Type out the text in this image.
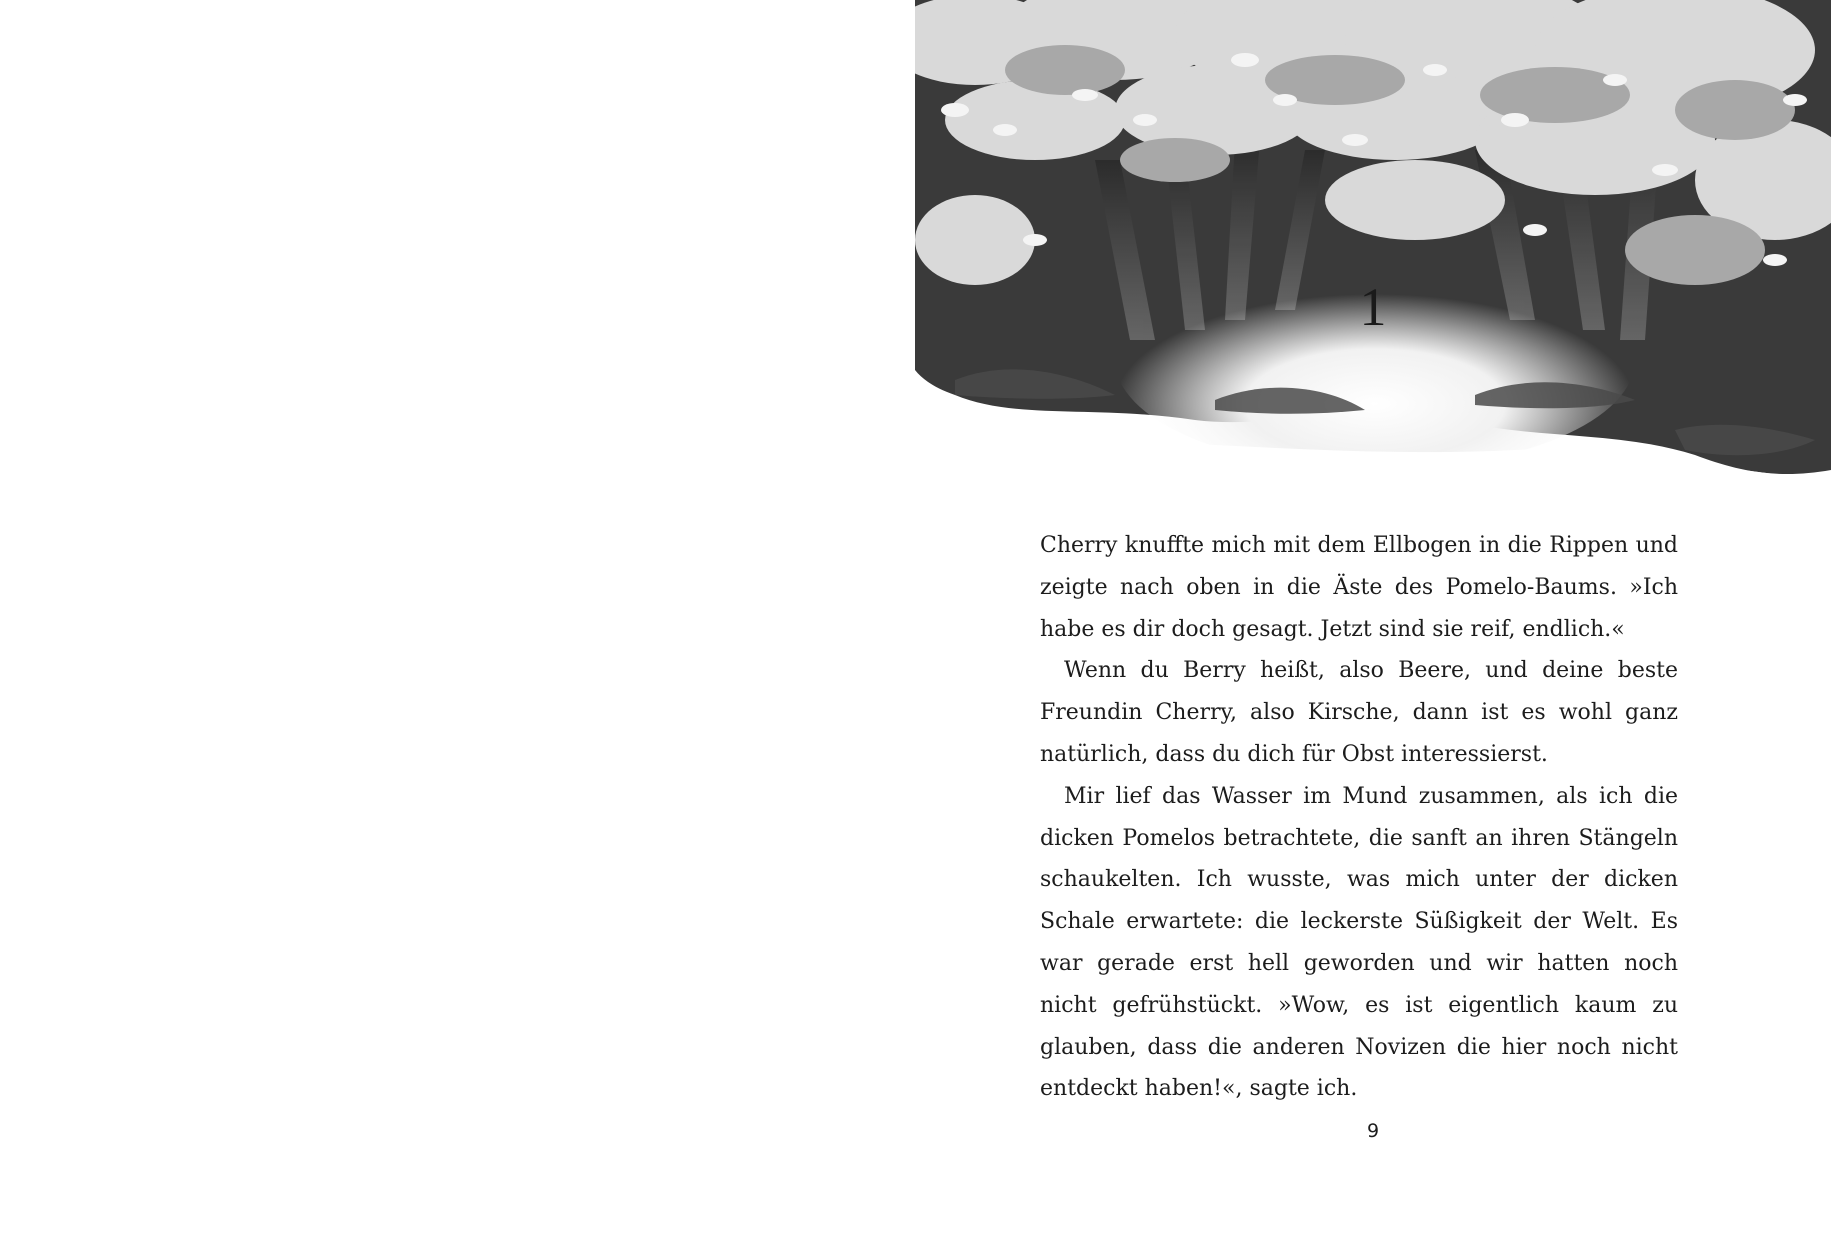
1

Cherry knuffte mich mit dem Ellbogen in die Rippen und zeigte nach oben in die Äste des Pomelo-Baums. »Ich habe es dir doch gesagt. Jetzt sind sie reif, endlich.«

Wenn du Berry heißt, also Beere, und deine beste Freundin Cherry, also Kirsche, dann ist es wohl ganz natürlich, dass du dich für Obst interessierst.

Mir lief das Wasser im Mund zusammen, als ich die dicken Pomelos betrachtete, die sanft an ihren Stängeln schaukelten. Ich wusste, was mich unter der dicken Schale erwartete: die leckerste Süßigkeit der Welt. Es war gerade erst hell geworden und wir hatten noch nicht gefrühstückt. »Wow, es ist eigentlich kaum zu glauben, dass die anderen Novizen die hier noch nicht entdeckt haben!«, sagte ich.

9
